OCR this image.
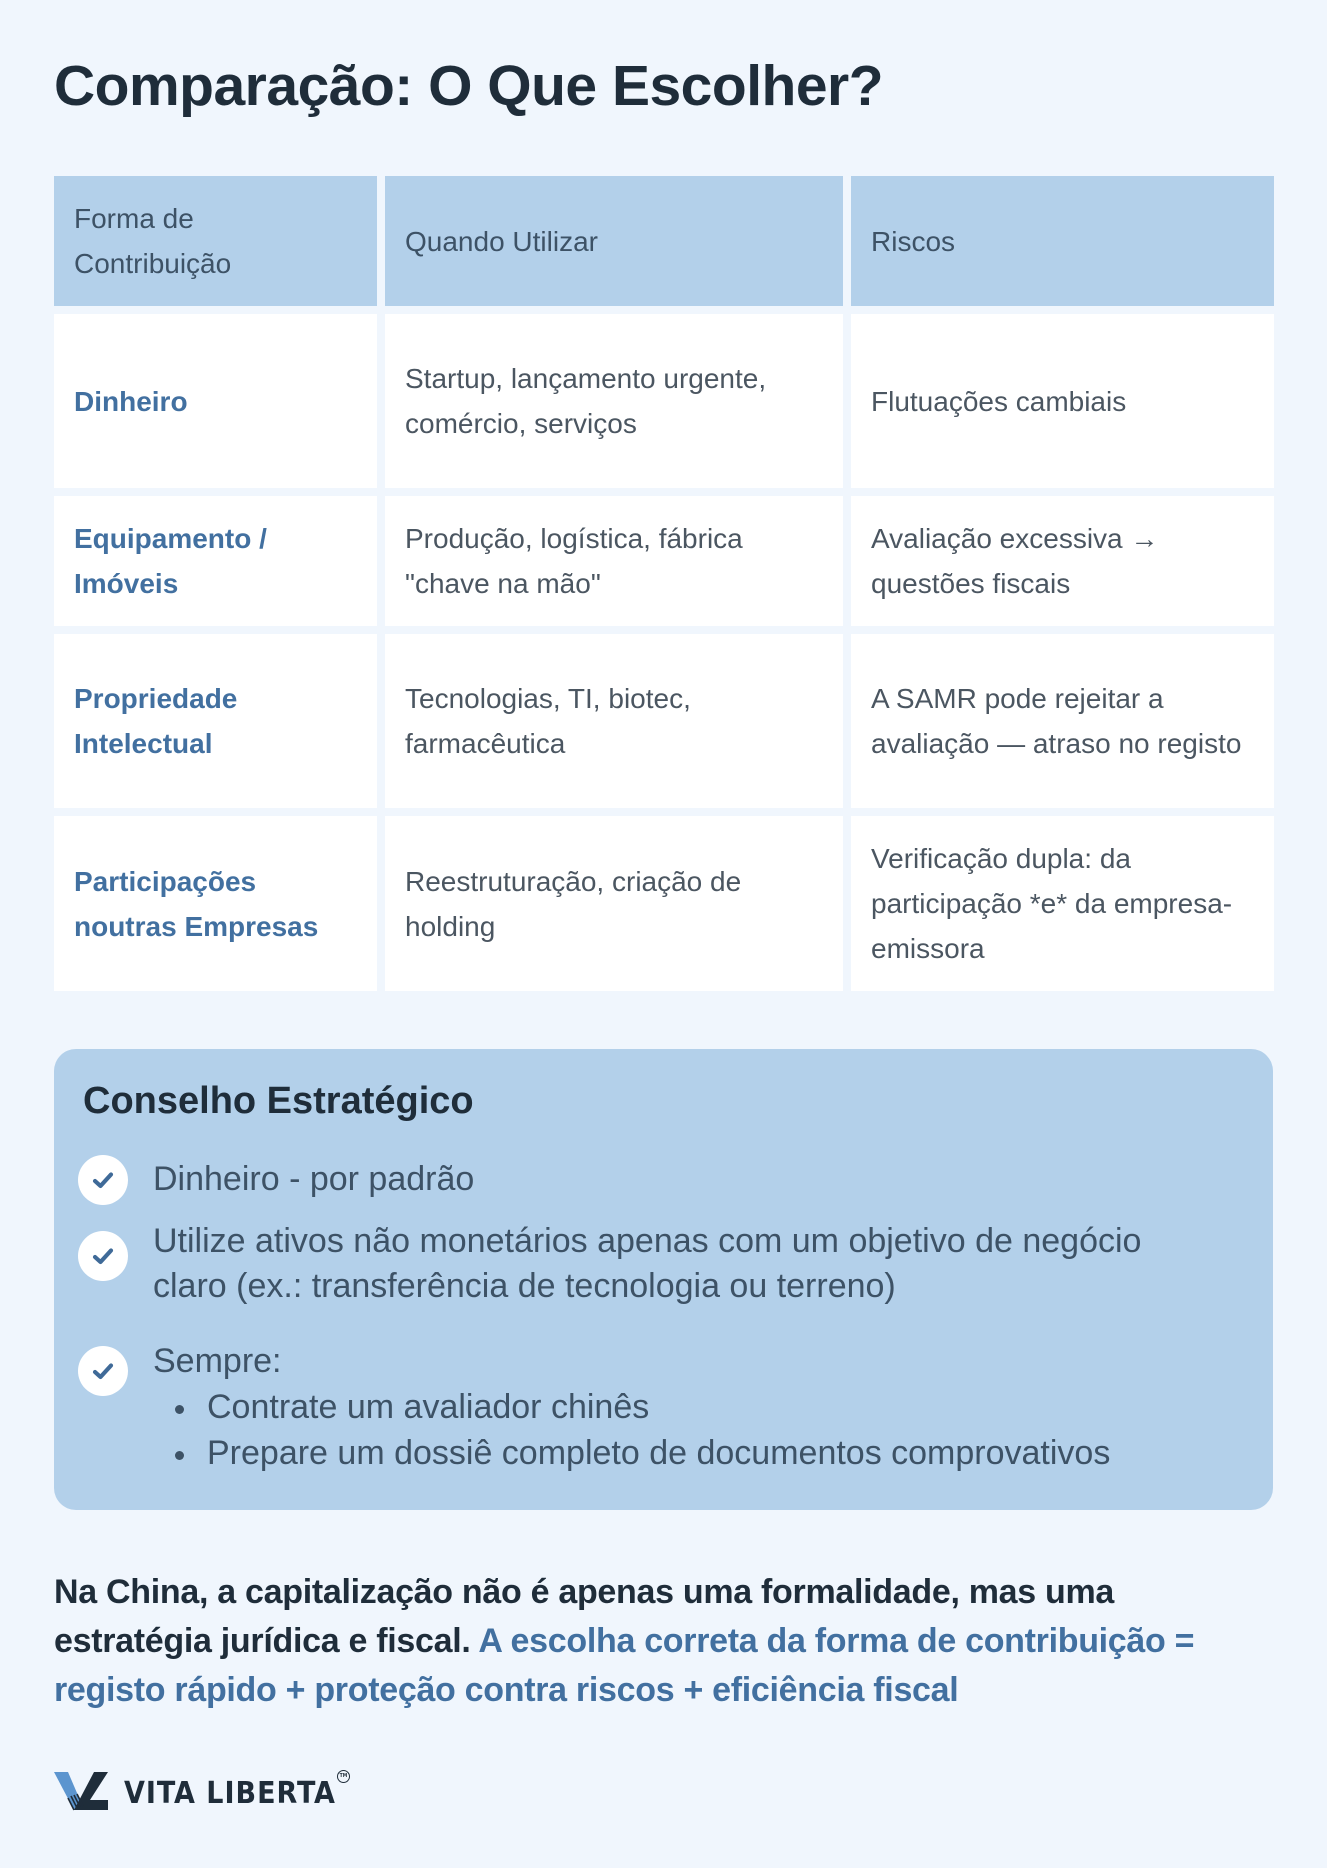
Comparação: O Que Escolher?
Forma de Contribuição
Quando Utilizar	Riscos
Dinheiro
Startup, lançamento urgente, comércio, serviços
Flutuações cambiais
Equipamento / Imóveis
Produção, logística, fábrica "chave na mão"
Avaliação excessiva → questões fiscais
Propriedade Intelectual
Tecnologias, TI, biotec, farmacêutica
A SAMR pode rejeitar a avaliação — atraso no registo
Participações noutras Empresas
Reestruturação, criação de holding
Verificação dupla: da participação *e* da empresa-emissora
Conselho Estratégico
Dinheiro - por padrão
Utilize ativos não monetários apenas com um objetivo de negócio claro (ex.: transferência de tecnologia ou terreno)
Sempre:
Contrate um avaliador chinês
Prepare um dossiê completo de documentos comprovativos

Na China, a capitalização não é apenas uma formalidade, mas uma estratégia jurídica e fiscal. A escolha correta da forma de contribuição = registo rápido + proteção contra riscos + eficiência fiscal

VITA LIBERTA TM
